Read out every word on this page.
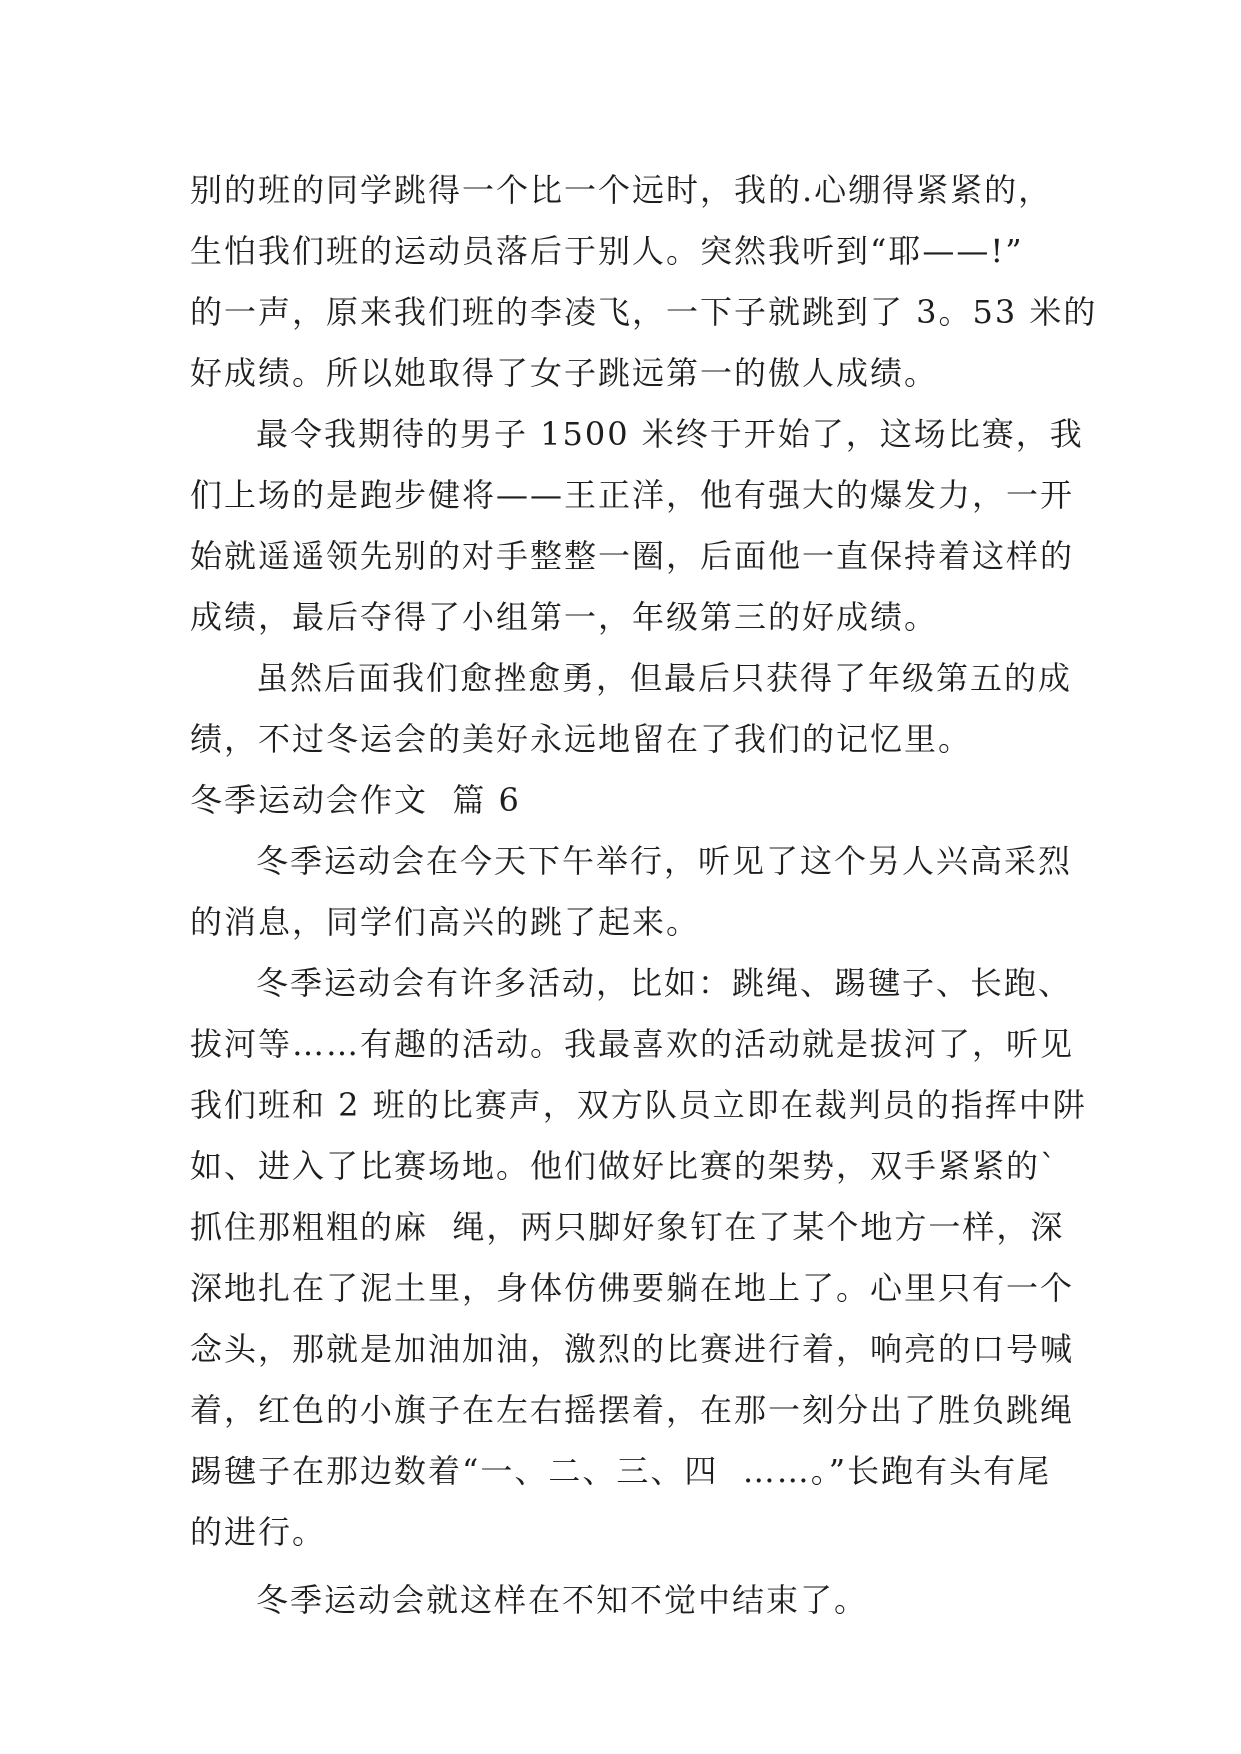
别的班的同学跳得一个比一个远时，我的.心绷得紧紧的，
生怕我们班的运动员落后于别人。突然我听到“耶——!”
的一声，原来我们班的李凌飞，一下子就跳到了 3。53 米的
好成绩。所以她取得了女子跳远第一的傲人成绩。
最令我期待的男子 1500 米终于开始了，这场比赛，我
们上场的是跑步健将——王正洋，他有强大的爆发力，一开
始就遥遥领先别的对手整整一圈，后面他一直保持着这样的
成绩，最后夺得了小组第一，年级第三的好成绩。
虽然后面我们愈挫愈勇，但最后只获得了年级第五的成
绩，不过冬运会的美好永远地留在了我们的记忆里。
冬季运动会作文  篇 6
冬季运动会在今天下午举行，听见了这个另人兴高采烈
的消息，同学们高兴的跳了起来。
冬季运动会有许多活动，比如：跳绳、踢毽子、长跑、
拔河等……有趣的活动。我最喜欢的活动就是拔河了，听见
我们班和 2 班的比赛声，双方队员立即在裁判员的指挥中阱
如、进入了比赛场地。他们做好比赛的架势，双手紧紧的`
抓住那粗粗的麻  绳，两只脚好象钉在了某个地方一样，深
深地扎在了泥土里，身体仿佛要躺在地上了。心里只有一个
念头，那就是加油加油，激烈的比赛进行着，响亮的口号喊
着，红色的小旗子在左右摇摆着，在那一刻分出了胜负跳绳
踢毽子在那边数着“一、二、三、四  ……。”长跑有头有尾
的进行。
冬季运动会就这样在不知不觉中结束了。
